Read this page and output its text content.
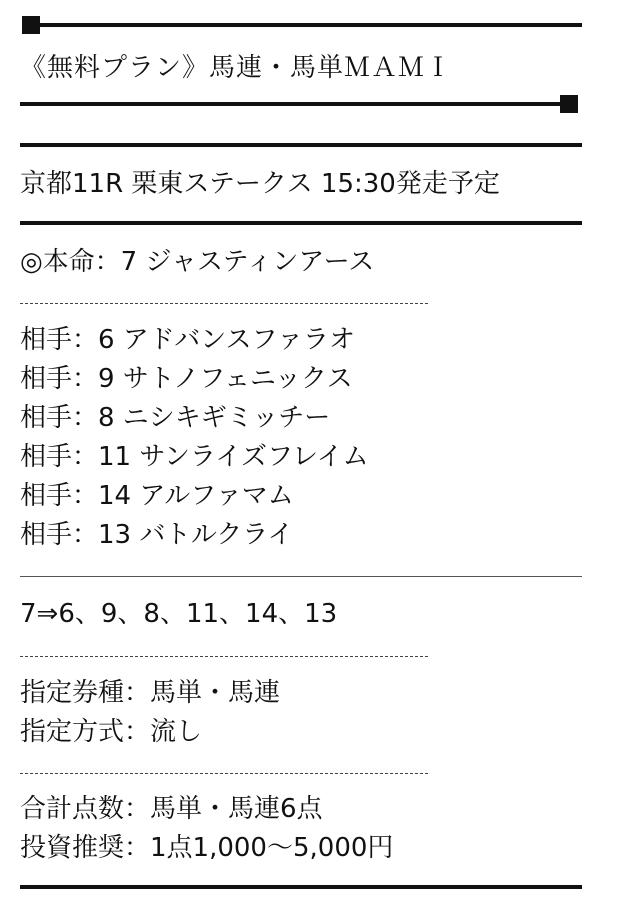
《無料プラン》馬連・馬単ＭＡＭＩ
京都11R 栗東ステークス 15:30発走予定
◎本命：7 ジャスティンアース
相手：6 アドバンスファラオ
相手：9 サトノフェニックス
相手：8 ニシキギミッチー
相手：11 サンライズフレイム
相手：14 アルファマム
相手：13 バトルクライ
7⇒6、9、8、11、14、13
指定券種：馬単・馬連
指定方式：流し
合計点数：馬単・馬連6点
投資推奨：1点1,000〜5,000円
